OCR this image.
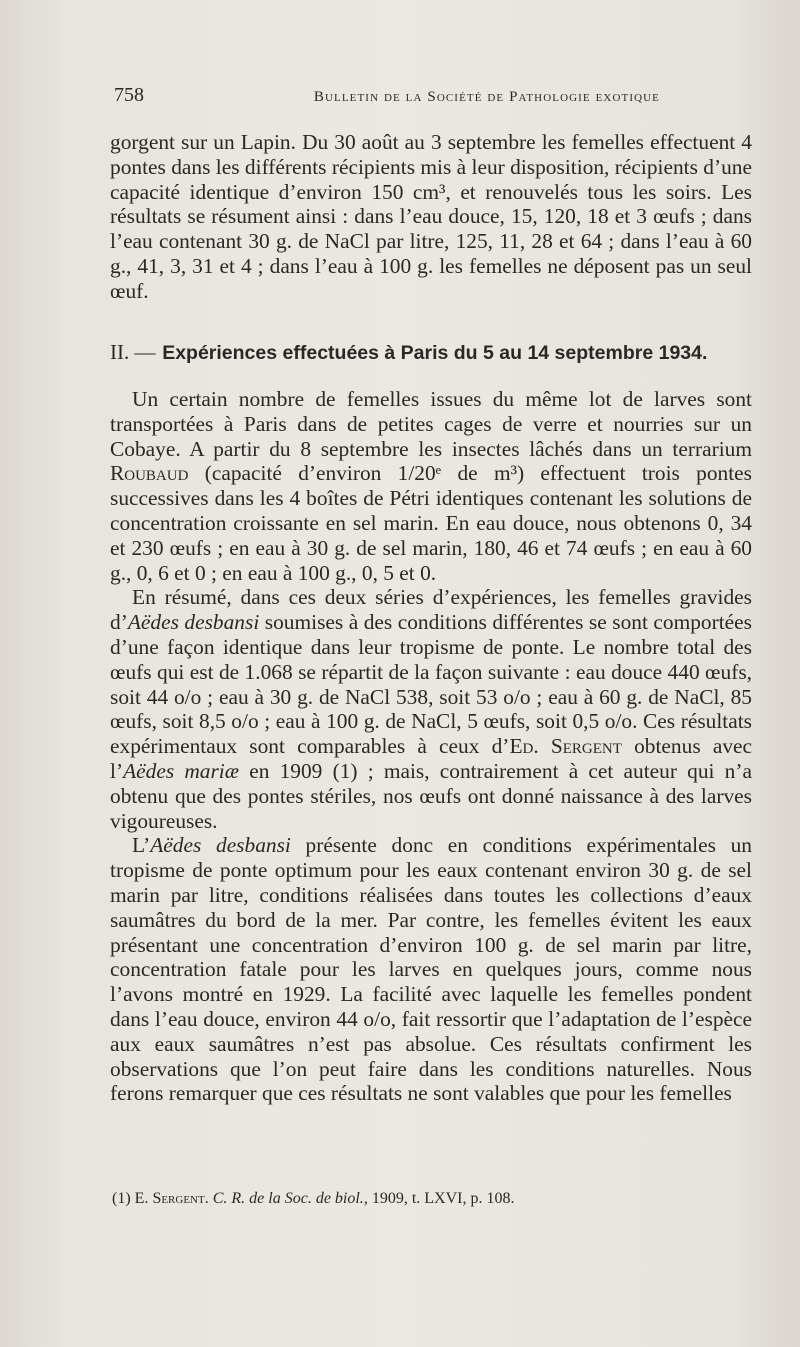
758	Bulletin de la Société de Pathologie exotique

gorgent sur un Lapin. Du 30 août au 3 septembre les femelles effectuent 4 pontes dans les différents récipients mis à leur disposition, récipients d’une capacité identique d’environ 150 cm³, et renouvelés tous les soirs. Les résultats se résument ainsi : dans l’eau douce, 15, 120, 18 et 3 œufs ; dans l’eau contenant 30 g. de NaCl par litre, 125, 11, 28 et 64 ; dans l’eau à 60 g., 41, 3, 31 et 4 ; dans l’eau à 100 g. les femelles ne déposent pas un seul œuf.

II. — Expériences effectuées à Paris du 5 au 14 septembre 1934.

Un certain nombre de femelles issues du même lot de larves sont transportées à Paris dans de petites cages de verre et nourries sur un Cobaye. A partir du 8 septembre les insectes lâchés dans un terrarium Roubaud (capacité d’environ 1/20ᵉ de m³) effectuent trois pontes successives dans les 4 boîtes de Pétri identiques contenant les solutions de concentration croissante en sel marin. En eau douce, nous obtenons 0, 34 et 230 œufs ; en eau à 30 g. de sel marin, 180, 46 et 74 œufs ; en eau à 60 g., 0, 6 et 0 ; en eau à 100 g., 0, 5 et 0.

En résumé, dans ces deux séries d’expériences, les femelles gravides d’Aëdes desbansi soumises à des conditions différentes se sont comportées d’une façon identique dans leur tropisme de ponte. Le nombre total des œufs qui est de 1.068 se répartit de la façon suivante : eau douce 440 œufs, soit 44 o/o ; eau à 30 g. de NaCl 538, soit 53 o/o ; eau à 60 g. de NaCl, 85 œufs, soit 8,5 o/o ; eau à 100 g. de NaCl, 5 œufs, soit 0,5 o/o. Ces résultats expérimentaux sont comparables à ceux d’Ed. Sergent obtenus avec l’Aëdes mariæ en 1909 (1) ; mais, contrairement à cet auteur qui n’a obtenu que des pontes stériles, nos œufs ont donné naissance à des larves vigoureuses.

L’Aëdes desbansi présente donc en conditions expérimentales un tropisme de ponte optimum pour les eaux contenant environ 30 g. de sel marin par litre, conditions réalisées dans toutes les collections d’eaux saumâtres du bord de la mer. Par contre, les femelles évitent les eaux présentant une concentration d’environ 100 g. de sel marin par litre, concentration fatale pour les larves en quelques jours, comme nous l’avons montré en 1929. La facilité avec laquelle les femelles pondent dans l’eau douce, environ 44 o/o, fait ressortir que l’adaptation de l’espèce aux eaux saumâtres n’est pas absolue. Ces résultats confirment les observations que l’on peut faire dans les conditions naturelles. Nous ferons remarquer que ces résultats ne sont valables que pour les femelles

(1) E. Sergent. C. R. de la Soc. de biol., 1909, t. LXVI, p. 108.
